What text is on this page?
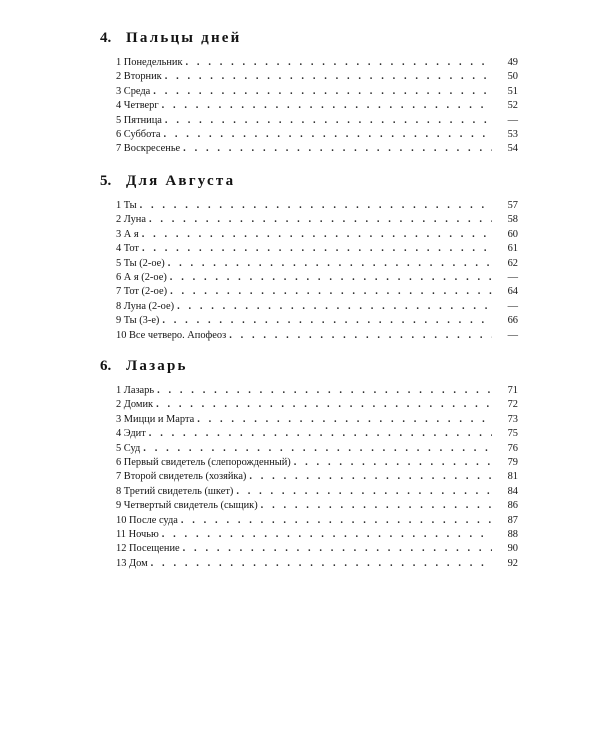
4. Пальцы дней
1 Понедельник . . .	49
2 Вторник . . .	50
3 Среда . . .	51
4 Четверг . . .	52
5 Пятница . . .	—
6 Суббота . . .	53
7 Воскресенье . . .	54
5. Для Августа
1 Ты . . .	57
2 Луна . . .	58
3 А я . . .	60
4 Тот . . .	61
5 Ты (2-ое) . . .	62
6 А я (2-ое) . . .	—
7 Тот (2-ое) . . .	64
8 Луна (2-ое) . . .	—
9 Ты (3-е) . . .	66
10 Все четверо. Апофеоз . . .	—
6. Лазарь
1 Лазарь . . .	71
2 Домик . . .	72
3 Мицци и Марта . . .	73
4 Эдит . . .	75
5 Суд . . .	76
6 Первый свидетель (слепорожденный) . . .	79
7 Второй свидетель (хозяйка) . . .	81
8 Третий свидетель (шкет) . . .	84
9 Четвертый свидетель (сыщик) . . .	86
10 После суда . . .	87
11 Ночью . . .	88
12 Посещение . . .	90
13 Дом . . .	92
